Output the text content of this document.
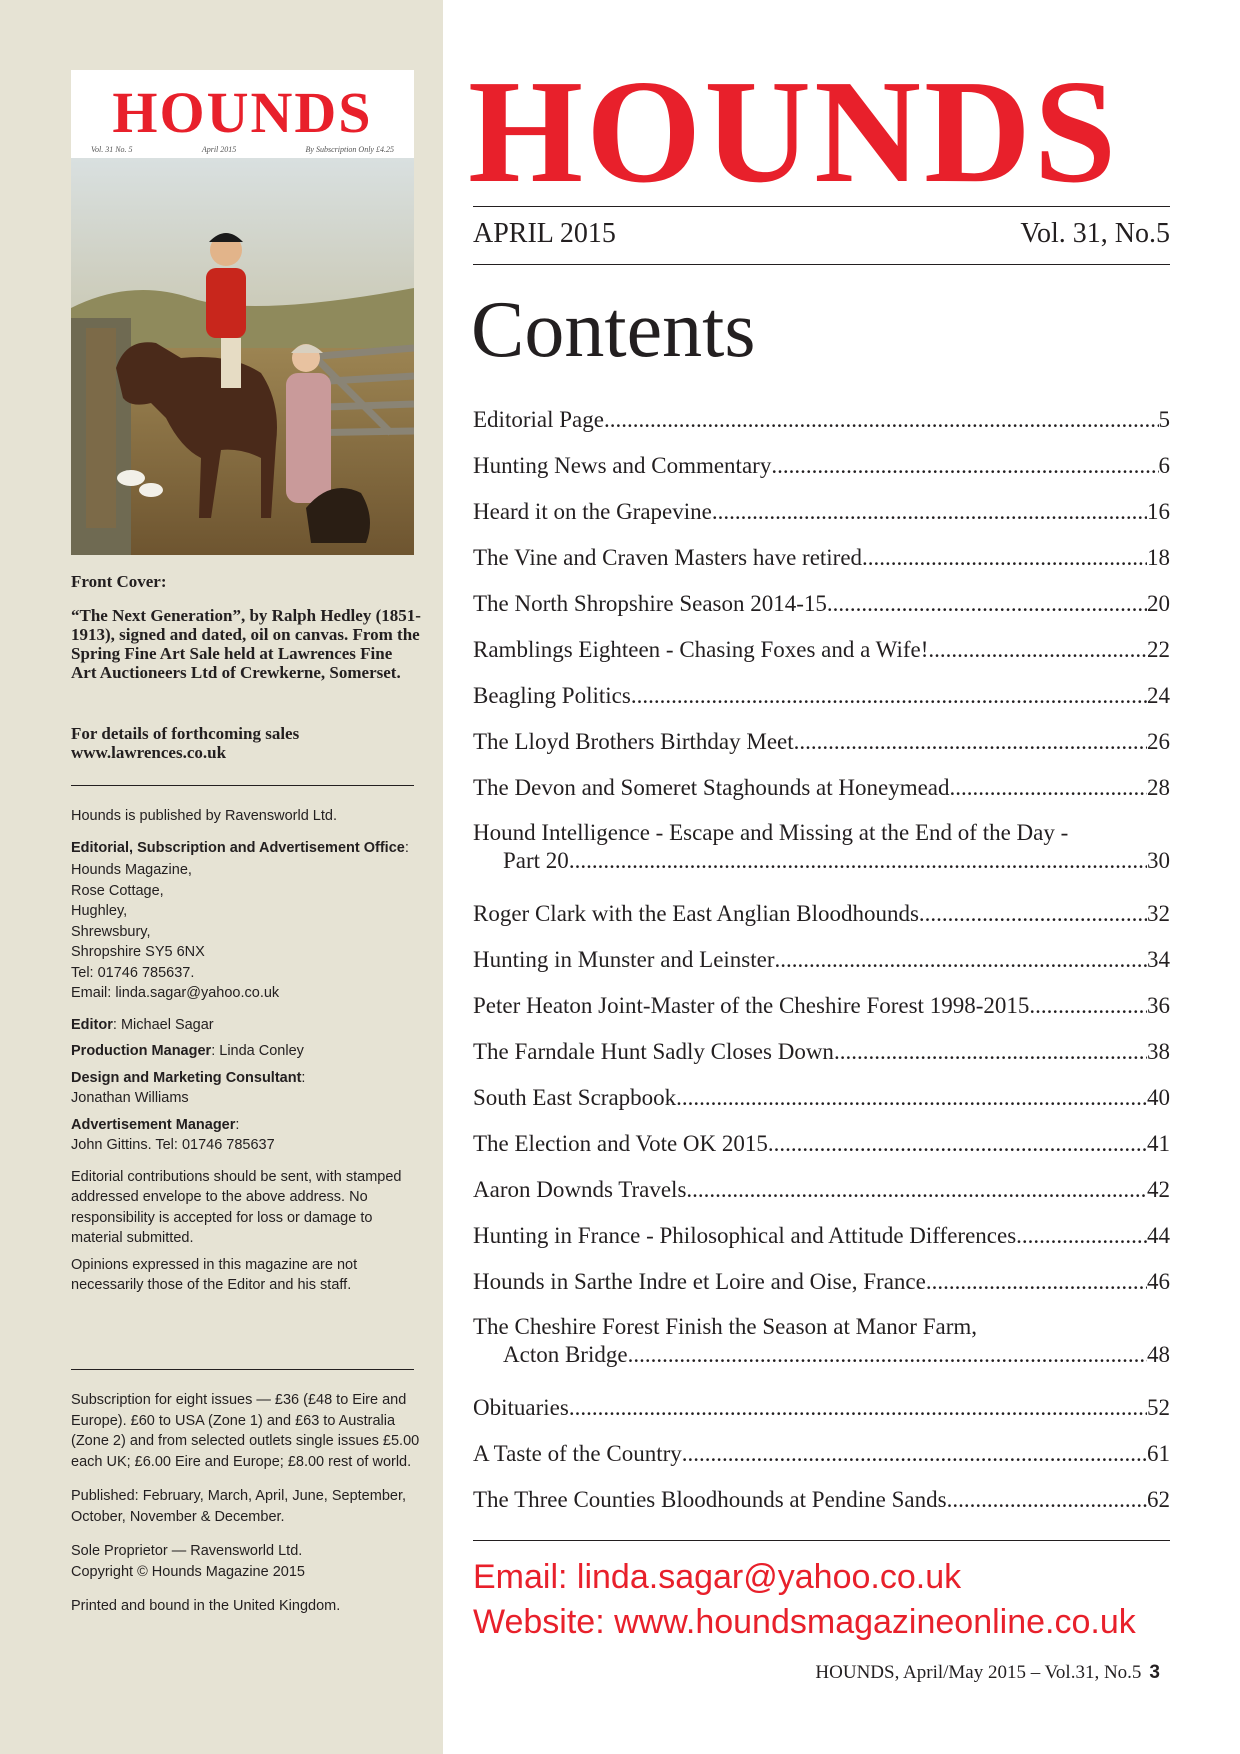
HOUNDS
Vol. 31 No. 5	April 2015	By Subscription Only £4.25
Front Cover:
“The Next Generation”, by Ralph Hedley (1851-1913), signed and dated, oil on canvas. From the Spring Fine Art Sale held at Lawrences Fine Art Auctioneers Ltd of Crewkerne, Somerset.
For details of forthcoming sales www.lawrences.co.uk

Hounds is published by Ravensworld Ltd.

Editorial, Subscription and Advertisement Office:

Hounds Magazine,

Rose Cottage,

Hughley,

Shrewsbury,

Shropshire SY5 6NX

Tel: 01746 785637.

Email: linda.sagar@yahoo.co.uk

Editor: Michael Sagar

Production Manager: Linda Conley

Design and Marketing Consultant:
Jonathan Williams

Advertisement Manager:
John Gittins. Tel: 01746 785637

Editorial contributions should be sent, with stamped addressed envelope to the above address. No responsibility is accepted for loss or damage to material submitted.

Opinions expressed in this magazine are not necessarily those of the Editor and his staff.

Subscription for eight issues — £36 (£48 to Eire and Europe). £60 to USA (Zone 1) and £63 to Australia (Zone 2) and from selected outlets single issues £5.00 each UK; £6.00 Eire and Europe; £8.00 rest of world.

Published: February, March, April, June, September, October, November & December.

Sole Proprietor — Ravensworld Ltd.

Copyright © Hounds Magazine 2015

Printed and bound in the United Kingdom.

HOUNDS
APRIL 2015	Vol. 31, No.5
Contents
Editorial Page .....	5
Hunting News and Commentary .....	6
Heard it on the Grapevine .....	16
The Vine and Craven Masters have retired .....	18
The North Shropshire Season 2014-15 .....	20
Ramblings Eighteen - Chasing Foxes and a Wife! .....	22
Beagling Politics .....	24
The Lloyd Brothers Birthday Meet .....	26
The Devon and Someret Staghounds at Honeymead .....	28
Hound Intelligence - Escape and Missing at the End of the Day -
Part 20 .....	30
Roger Clark with the East Anglian Bloodhounds .....	32
Hunting in Munster and Leinster .....	34
Peter Heaton Joint-Master of the Cheshire Forest 1998-2015 .....	36
The Farndale Hunt Sadly Closes Down .....	38
South East Scrapbook .....	40
The Election and Vote OK 2015 .....	41
Aaron Downds Travels .....	42
Hunting in France - Philosophical and Attitude Differences .....	44
Hounds in Sarthe Indre et Loire and Oise, France .....	46
The Cheshire Forest Finish the Season at Manor Farm,
Acton Bridge .....	48
Obituaries .....	52
A Taste of the Country .....	61
The Three Counties Bloodhounds at Pendine Sands .....	62
Email: linda.sagar@yahoo.co.uk
Website: www.houndsmagazineonline.co.uk
HOUNDS, April/May 2015 – Vol.31, No.5 3
